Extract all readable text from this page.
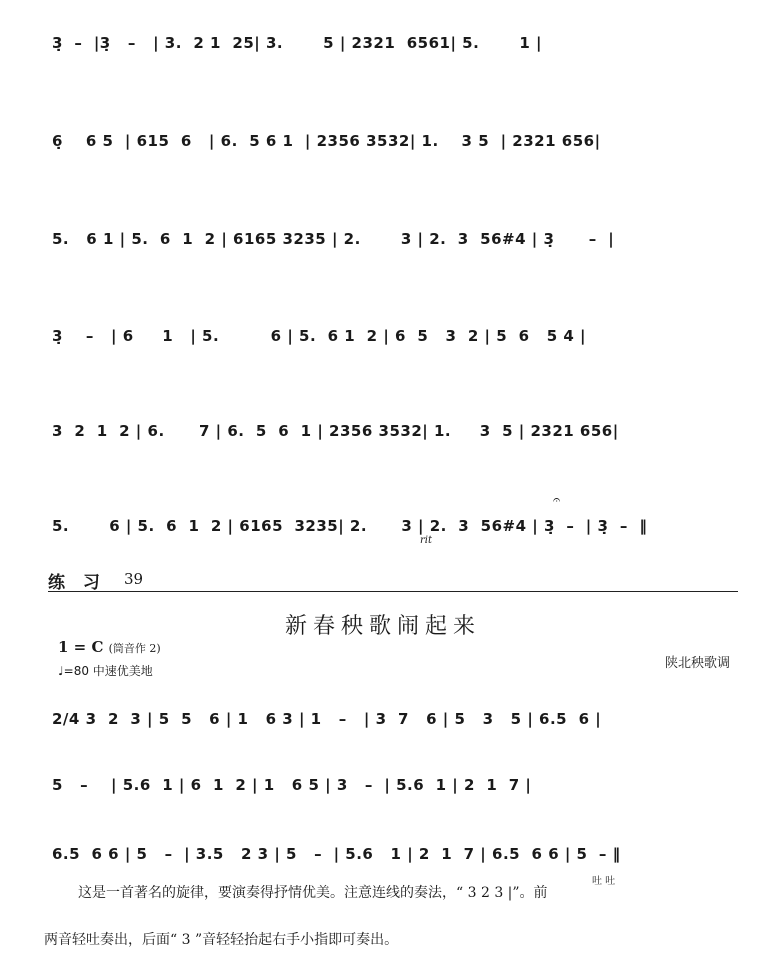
3̣  –  |3̣   –   | 3.  2 1  25| 3.       5 | 2321  6561| 5.       1 |

6̣    6 5  | 615  6   | 6.  5 6 1  | 2356 3532| 1.    3 5  | 2321 656|

5.   6 1 | 5.  6  1  2 | 6165 3235 | 2.       3 | 2.  3  56#4 | 3̣      –  |

3̣    –   | 6     1   | 5.         6 | 5.  6 1  2 | 6  5   3  2 | 5  6   5 4 |

3  2  1  2 | 6.      7 | 6.  5  6  1 | 2356 3532| 1.     3  5 | 2321 656|

5.       6 | 5.  6  1  2 | 6165  3235| 2.      3 | 2.  3  56#4 | 3̣  –  | 3̣  –  ‖

𝄐
rit
练 习 39
新春秧歌闹起来
1 = C (筒音作 2)
♩=80 中速优美地	陕北秧歌调

2/4 3  2  3 | 5  5   6 | 1   6 3 | 1   –   | 3  7   6 | 5   3   5 | 6.5  6 |

5   –    | 5.6  1 | 6  1  2 | 1   6 5 | 3   –  | 5.6  1 | 2  1  7 |

6.5  6 6 | 5   –  | 3.5   2 3 | 5   –  | 5.6   1 | 2  1  7 | 6.5  6 6 | 5  – ‖

这是一首著名的旋律，要演奏得抒情优美。注意连线的奏法，“ 3 2 3 |”。前
吐 吐
两音轻吐奏出，后面“ 3 ”音轻轻抬起右手小指即可奏出。
